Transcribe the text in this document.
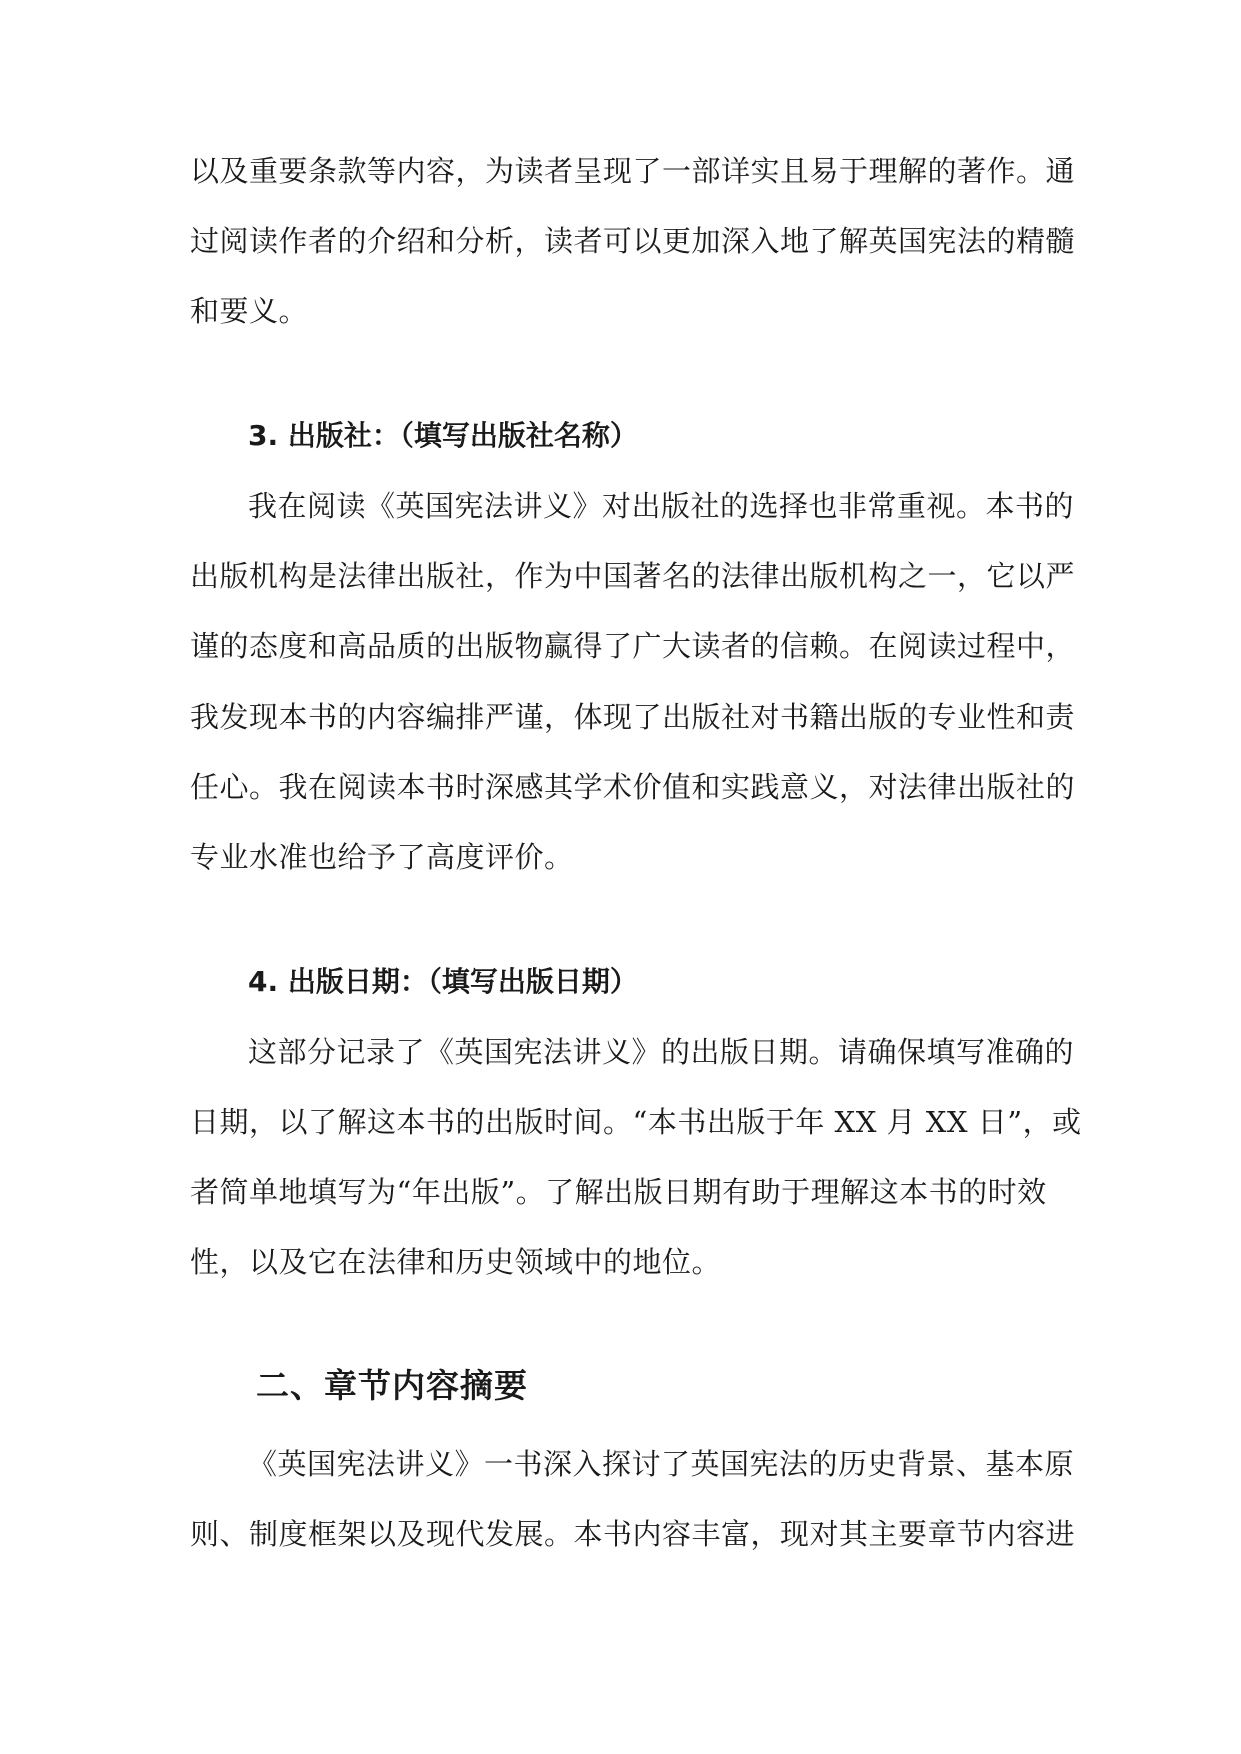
以及重要条款等内容，为读者呈现了一部详实且易于理解的著作。通
过阅读作者的介绍和分析，读者可以更加深入地了解英国宪法的精髓
和要义。
3. 出版社：（填写出版社名称）
我在阅读《英国宪法讲义》对出版社的选择也非常重视。本书的
出版机构是法律出版社，作为中国著名的法律出版机构之一，它以严
谨的态度和高品质的出版物赢得了广大读者的信赖。在阅读过程中，
我发现本书的内容编排严谨，体现了出版社对书籍出版的专业性和责
任心。我在阅读本书时深感其学术价值和实践意义，对法律出版社的
专业水准也给予了高度评价。
4. 出版日期：（填写出版日期）
这部分记录了《英国宪法讲义》的出版日期。请确保填写准确的
日期，以了解这本书的出版时间。“本书出版于年 XX 月 XX 日”，或
者简单地填写为“年出版”。了解出版日期有助于理解这本书的时效
性，以及它在法律和历史领域中的地位。
二、章节内容摘要
《英国宪法讲义》一书深入探讨了英国宪法的历史背景、基本原
则、制度框架以及现代发展。本书内容丰富，现对其主要章节内容进
